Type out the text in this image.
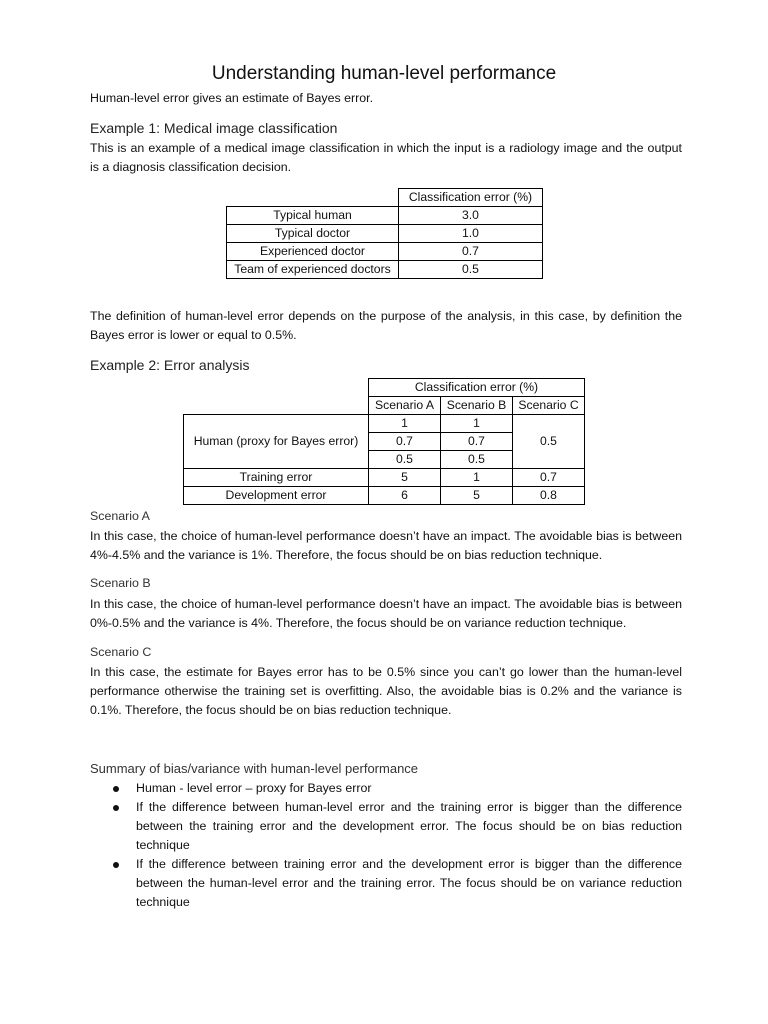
Understanding human-level performance

Human-level error gives an estimate of Bayes error.

Example 1: Medical image classification

This is an example of a medical image classification in which the input is a radiology image and the output is a diagnosis classification decision.

	Classification error (%)
Typical human	3.0
Typical doctor	1.0
Experienced doctor	0.7
Team of experienced doctors	0.5

The definition of human-level error depends on the purpose of the analysis, in this case, by definition the Bayes error is lower or equal to 0.5%.

Example 2: Error analysis
	Classification error (%)		
	Scenario A	Scenario B	Scenario C
Human (proxy for Bayes error)	1	1	0.5
	0.7	0.7	
	0.5	0.5	
Training error	5	1	0.7
Development error	6	5	0.8
Scenario A

In this case, the choice of human-level performance doesn’t have an impact. The avoidable bias is between 4%-4.5% and the variance is 1%. Therefore, the focus should be on bias reduction technique.

Scenario B

In this case, the choice of human-level performance doesn’t have an impact. The avoidable bias is between 0%-0.5% and the variance is 4%. Therefore, the focus should be on variance reduction technique.

Scenario C

In this case, the estimate for Bayes error has to be 0.5% since you can’t go lower than the human-level performance otherwise the training set is overfitting. Also, the avoidable bias is 0.2% and the variance is 0.1%. Therefore, the focus should be on bias reduction technique.

Summary of bias/variance with human-level performance
Human - level error – proxy for Bayes error
If the difference between human-level error and the training error is bigger than the difference between the training error and the development error. The focus should be on bias reduction technique
If the difference between training error and the development error is bigger than the difference between the human-level error and the training error. The focus should be on variance reduction technique
